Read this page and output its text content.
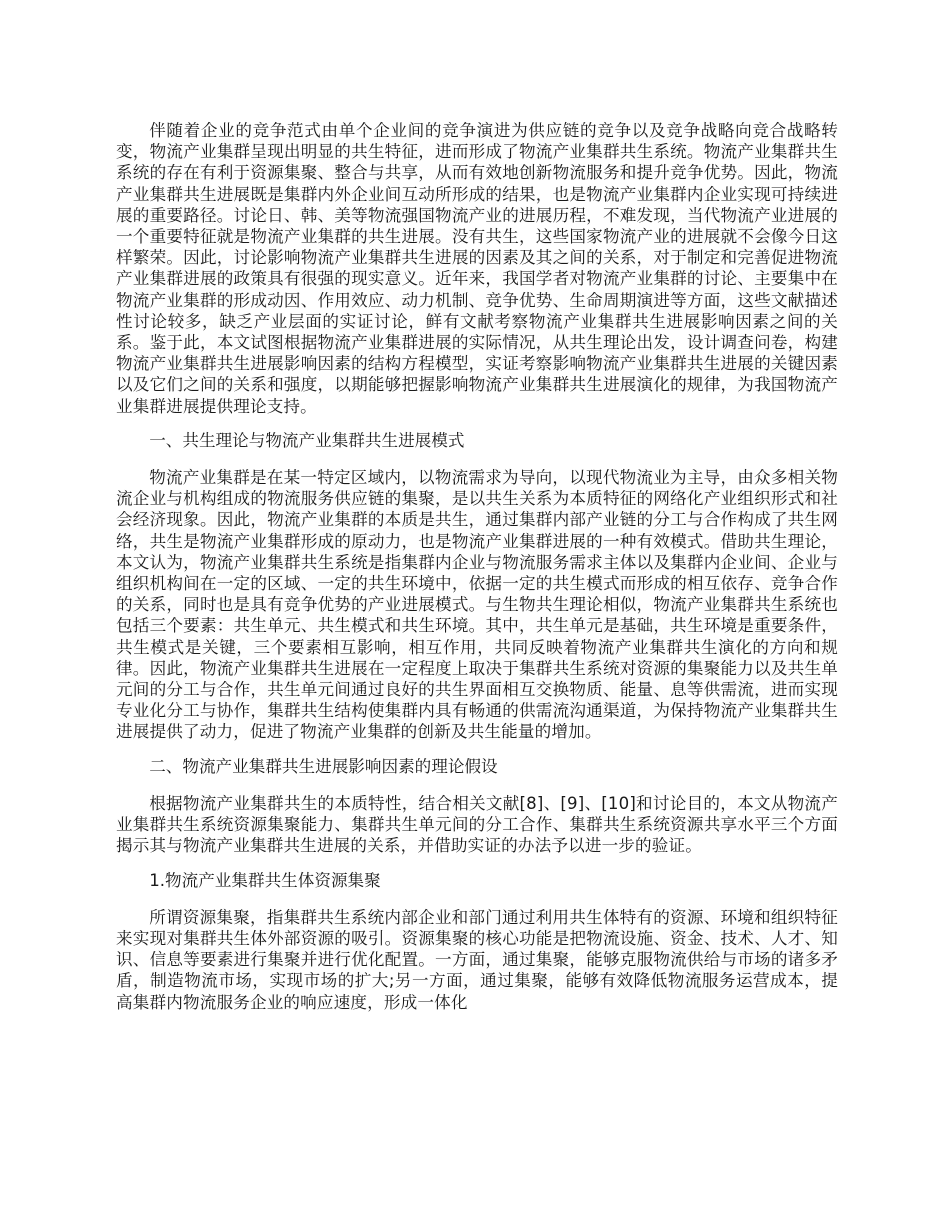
伴随着企业的竞争范式由单个企业间的竞争演进为供应链的竞争以及竞争战略向竞合战略转变，物流产业集群呈现出明显的共生特征，进而形成了物流产业集群共生系统。物流产业集群共生系统的存在有利于资源集聚、整合与共享，从而有效地创新物流服务和提升竞争优势。因此，物流产业集群共生进展既是集群内外企业间互动所形成的结果，也是物流产业集群内企业实现可持续进展的重要路径。讨论日、韩、美等物流强国物流产业的进展历程，不难发现，当代物流产业进展的一个重要特征就是物流产业集群的共生进展。没有共生，这些国家物流产业的进展就不会像今日这样繁荣。因此，讨论影响物流产业集群共生进展的因素及其之间的关系，对于制定和完善促进物流产业集群进展的政策具有很强的现实意义。近年来，我国学者对物流产业集群的讨论、主要集中在物流产业集群的形成动因、作用效应、动力机制、竞争优势、生命周期演进等方面，这些文献描述性讨论较多，缺乏产业层面的实证讨论，鲜有文献考察物流产业集群共生进展影响因素之间的关系。鉴于此，本文试图根据物流产业集群进展的实际情况，从共生理论出发，设计调查问卷，构建物流产业集群共生进展影响因素的结构方程模型，实证考察影响物流产业集群共生进展的关键因素以及它们之间的关系和强度，以期能够把握影响物流产业集群共生进展演化的规律，为我国物流产业集群进展提供理论支持。

一、共生理论与物流产业集群共生进展模式

物流产业集群是在某一特定区域内，以物流需求为导向，以现代物流业为主导，由众多相关物流企业与机构组成的物流服务供应链的集聚，是以共生关系为本质特征的网络化产业组织形式和社会经济现象。因此，物流产业集群的本质是共生，通过集群内部产业链的分工与合作构成了共生网络，共生是物流产业集群形成的原动力，也是物流产业集群进展的一种有效模式。借助共生理论，本文认为，物流产业集群共生系统是指集群内企业与物流服务需求主体以及集群内企业间、企业与组织机构间在一定的区域、一定的共生环境中，依据一定的共生模式而形成的相互依存、竞争合作的关系，同时也是具有竞争优势的产业进展模式。与生物共生理论相似，物流产业集群共生系统也包括三个要素：共生单元、共生模式和共生环境。其中，共生单元是基础，共生环境是重要条件，共生模式是关键，三个要素相互影响，相互作用，共同反映着物流产业集群共生演化的方向和规律。因此，物流产业集群共生进展在一定程度上取决于集群共生系统对资源的集聚能力以及共生单元间的分工与合作，共生单元间通过良好的共生界面相互交换物质、能量、息等供需流，进而实现专业化分工与协作，集群共生结构使集群内具有畅通的供需流沟通渠道，为保持物流产业集群共生进展提供了动力，促进了物流产业集群的创新及共生能量的增加。

二、物流产业集群共生进展影响因素的理论假设

根据物流产业集群共生的本质特性，结合相关文献[8]、[9]、[10]和讨论目的，本文从物流产业集群共生系统资源集聚能力、集群共生单元间的分工合作、集群共生系统资源共享水平三个方面揭示其与物流产业集群共生进展的关系，并借助实证的办法予以进一步的验证。

1.物流产业集群共生体资源集聚

所谓资源集聚，指集群共生系统内部企业和部门通过利用共生体特有的资源、环境和组织特征来实现对集群共生体外部资源的吸引。资源集聚的核心功能是把物流设施、资金、技术、人才、知识、信息等要素进行集聚并进行优化配置。一方面，通过集聚，能够克服物流供给与市场的诸多矛盾，制造物流市场，实现市场的扩大;另一方面，通过集聚，能够有效降低物流服务运营成本，提高集群内物流服务企业的响应速度，形成一体化
